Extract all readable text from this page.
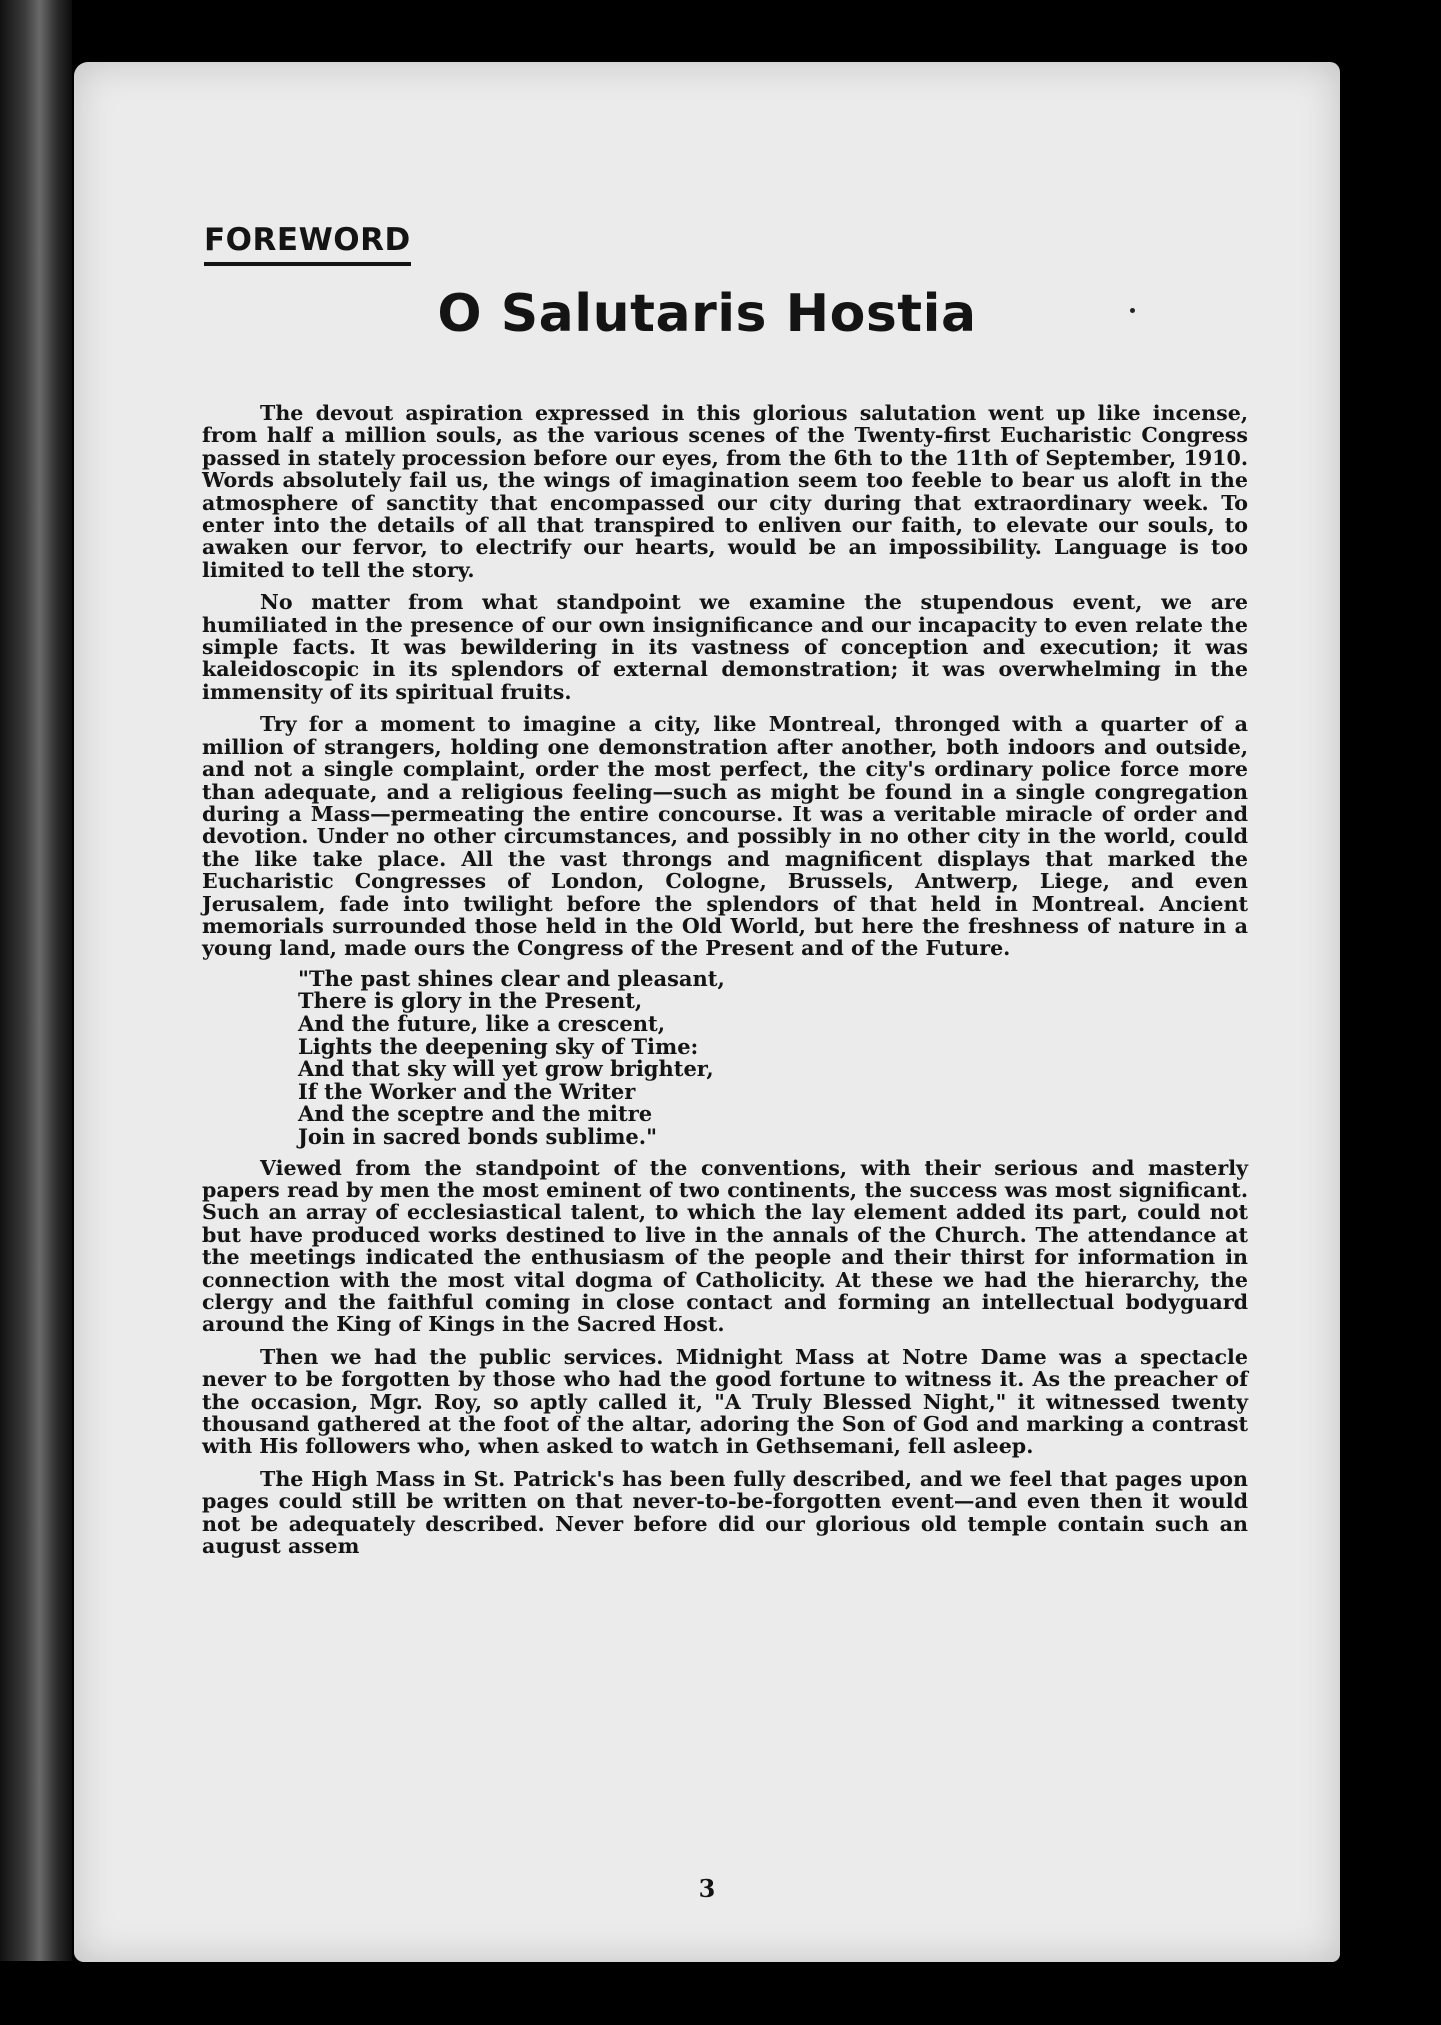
FOREWORD
O Salutaris Hostia

The devout aspiration expressed in this glorious salutation went up like incense, from half a million souls, as the various scenes of the Twenty-first Eucharistic Congress passed in stately procession before our eyes, from the 6th to the 11th of September, 1910. Words absolutely fail us, the wings of imagination seem too feeble to bear us aloft in the atmosphere of sanctity that encompassed our city during that extraordinary week. To enter into the details of all that transpired to enliven our faith, to elevate our souls, to awaken our fervor, to electrify our hearts, would be an impossibility. Language is too limited to tell the story.

No matter from what standpoint we examine the stupendous event, we are humiliated in the presence of our own insignificance and our incapacity to even relate the simple facts. It was bewildering in its vastness of conception and execution; it was kaleidoscopic in its splendors of external demonstration; it was overwhelming in the immensity of its spiritual fruits.

Try for a moment to imagine a city, like Montreal, thronged with a quarter of a million of strangers, holding one demonstration after another, both indoors and outside, and not a single complaint, order the most perfect, the city's ordinary police force more than adequate, and a religious feeling—such as might be found in a single congregation during a Mass—permeating the entire concourse. It was a veritable miracle of order and devotion. Under no other circumstances, and possibly in no other city in the world, could the like take place. All the vast throngs and magnificent displays that marked the Eucharistic Congresses of London, Cologne, Brussels, Antwerp, Liege, and even Jerusalem, fade into twilight before the splendors of that held in Montreal. Ancient memorials surrounded those held in the Old World, but here the freshness of nature in a young land, made ours the Congress of the Present and of the Future.

"The past shines clear and pleasant,
There is glory in the Present,
And the future, like a crescent,
Lights the deepening sky of Time:
And that sky will yet grow brighter,
If the Worker and the Writer
And the sceptre and the mitre
Join in sacred bonds sublime."

Viewed from the standpoint of the conventions, with their serious and masterly papers read by men the most eminent of two continents, the success was most significant. Such an array of ecclesiastical talent, to which the lay element added its part, could not but have produced works destined to live in the annals of the Church. The attendance at the meetings indicated the enthusiasm of the people and their thirst for information in connection with the most vital dogma of Catholicity. At these we had the hierarchy, the clergy and the faithful coming in close contact and forming an intellectual bodyguard around the King of Kings in the Sacred Host.

Then we had the public services. Midnight Mass at Notre Dame was a spectacle never to be forgotten by those who had the good fortune to witness it. As the preacher of the occasion, Mgr. Roy, so aptly called it, "A Truly Blessed Night," it witnessed twenty thousand gathered at the foot of the altar, adoring the Son of God and marking a contrast with His followers who, when asked to watch in Gethsemani, fell asleep.

The High Mass in St. Patrick's has been fully described, and we feel that pages upon pages could still be written on that never-to-be-forgotten event—and even then it would not be adequately described. Never before did our glorious old temple contain such an august assem

3
